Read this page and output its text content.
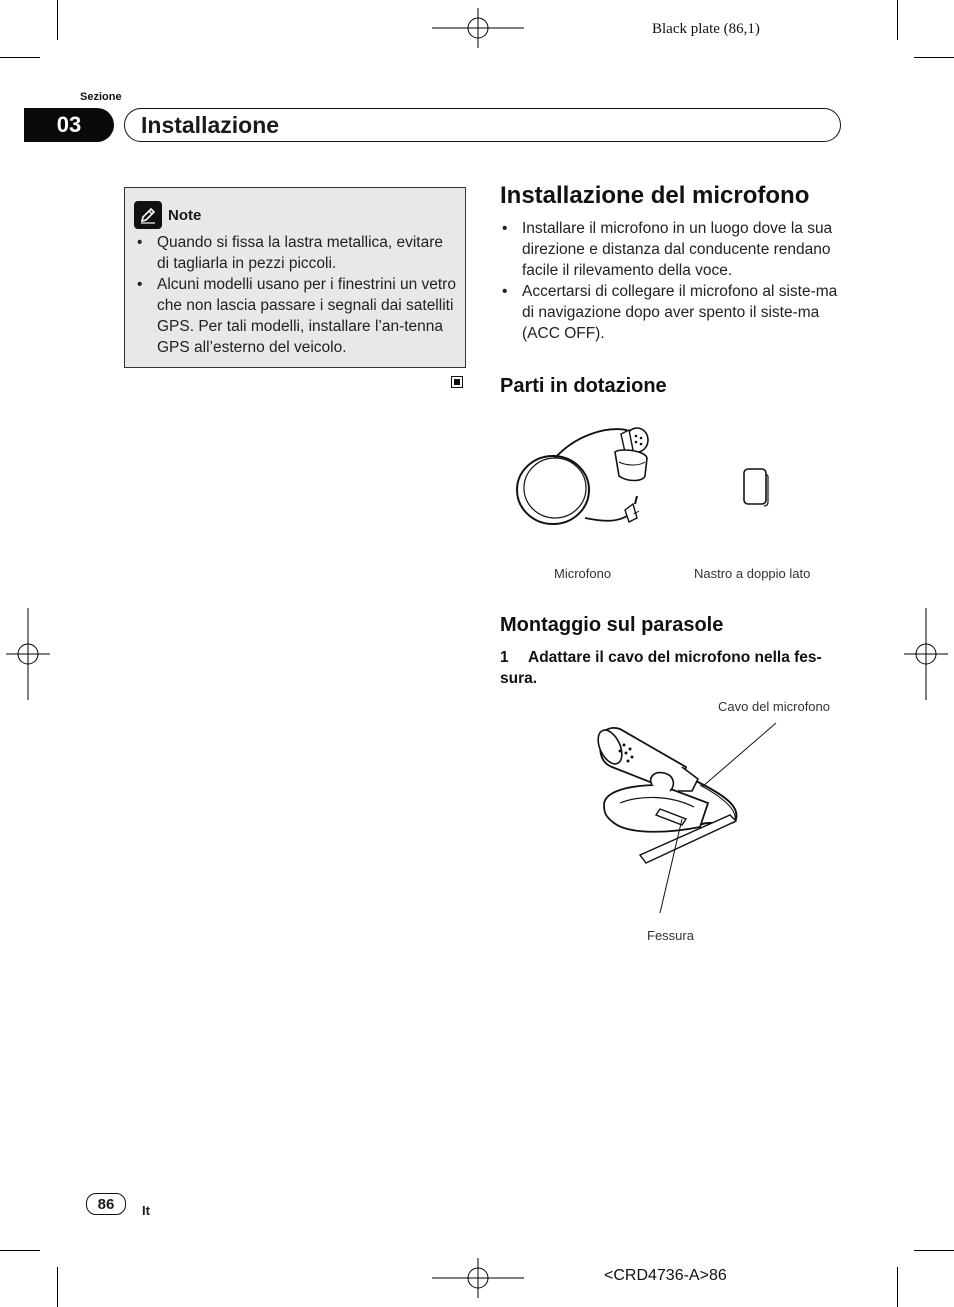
Black plate (86,1)
Sezione
03	Installazione
Note
• Quando si fissa la lastra metallica, evitare di tagliarla in pezzi piccoli.
• Alcuni modelli usano per i finestrini un vetro che non lascia passare i segnali dai satelliti GPS. Per tali modelli, installare l’an-tenna GPS all’esterno del veicolo.
Installazione del microfono
• Installare il microfono in un luogo dove la sua direzione e distanza dal conducente rendano facile il rilevamento della voce.
• Accertarsi di collegare il microfono al siste-ma di navigazione dopo aver spento il siste-ma (ACC OFF).
Parti in dotazione
Microfono	Nastro a doppio lato
Montaggio sul parasole
1 Adattare il cavo del microfono nella fes-sura.
Cavo del microfono
Fessura
86	It
<CRD4736-A>86
